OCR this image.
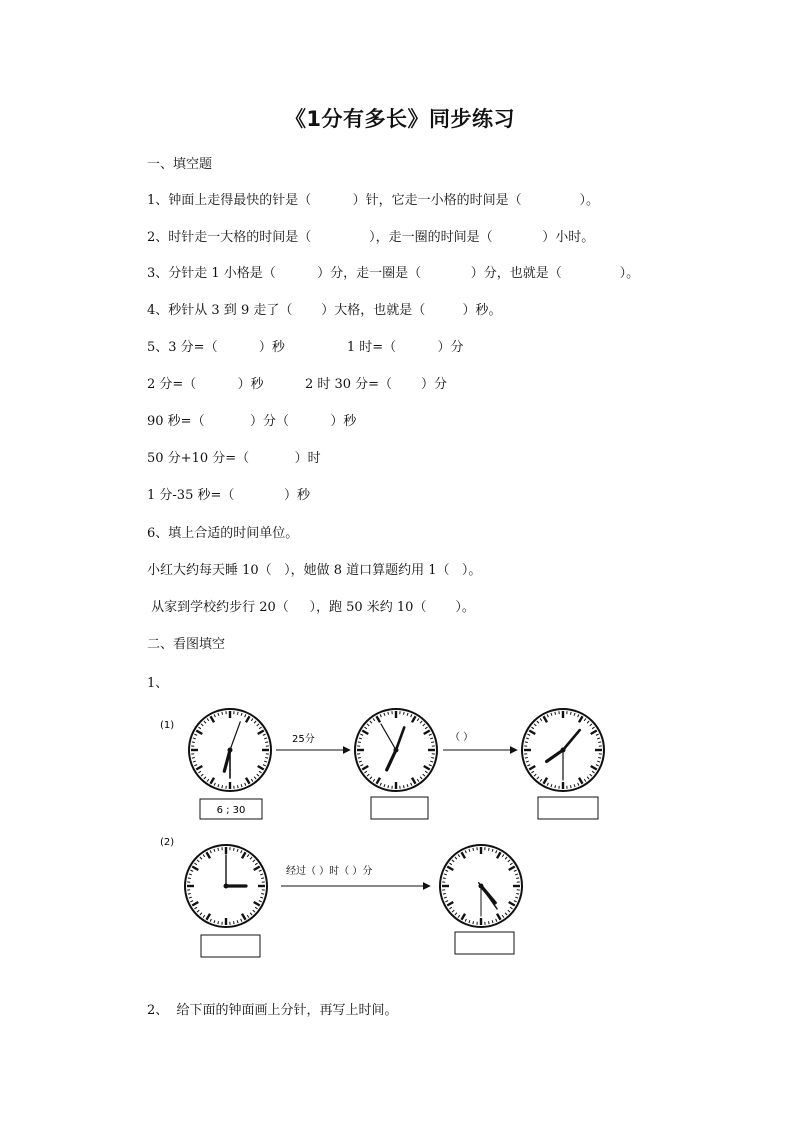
《1分有多长》同步练习
一、填空题
1、钟面上走得最快的针是（          ）针，它走一小格的时间是（              ）。
2、时针走一大格的时间是（              ），走一圈的时间是（            ）小时。
3、分针走 1 小格是（          ）分，走一圈是（            ）分，也就是（              ）。
4、秒针从 3 到 9 走了（       ）大格，也就是（         ）秒。
5、3 分=（          ）秒               1 时=（          ）分
2 分=（          ）秒          2 时 30 分=（       ）分
90 秒=（           ）分（          ）秒
50 分+10 分=（           ）时
1 分-35 秒=（            ）秒
6、填上合适的时间单位。
小红大约每天睡 10（   ），她做 8 道口算题约用 1（   ）。
从家到学校约步行 20（     ），跑 50 米约 10（       ）。
二、看图填空
1、
(1)
25分	（ ）
6 ; 30
(2)
经过（ ）时（ ）分
2、  给下面的钟面画上分针，再写上时间。
